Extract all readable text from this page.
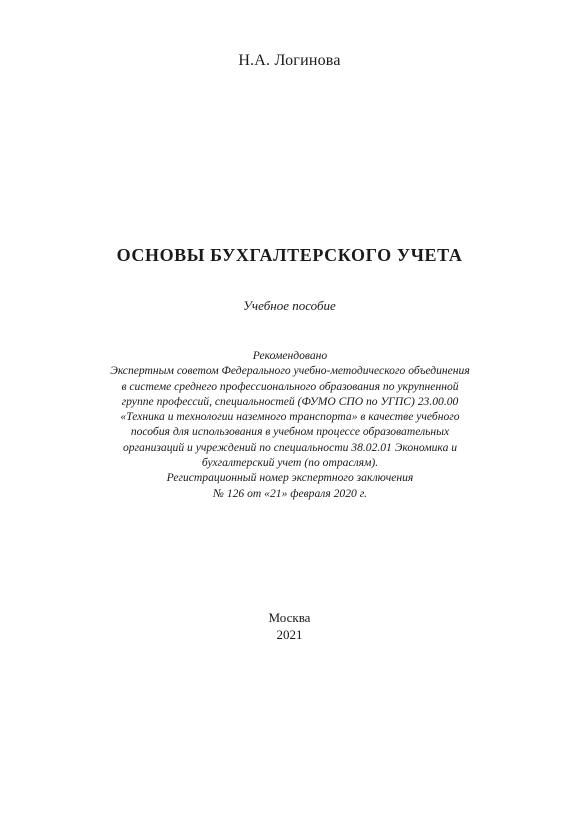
Н.А. Логинова
ОСНОВЫ БУХГАЛТЕРСКОГО УЧЕТА
Учебное пособие
Рекомендовано
Экспертным советом Федерального учебно-методического объединения
в системе среднего профессионального образования по укрупненной
группе профессий, специальностей (ФУМО СПО по УГПС) 23.00.00
«Техника и технологии наземного транспорта» в качестве учебного
пособия для использования в учебном процессе образовательных
организаций и учреждений по специальности 38.02.01 Экономика и
бухгалтерский учет (по отраслям).
Регистрационный номер экспертного заключения
№ 126 от «21» февраля 2020 г.
Москва
2021
